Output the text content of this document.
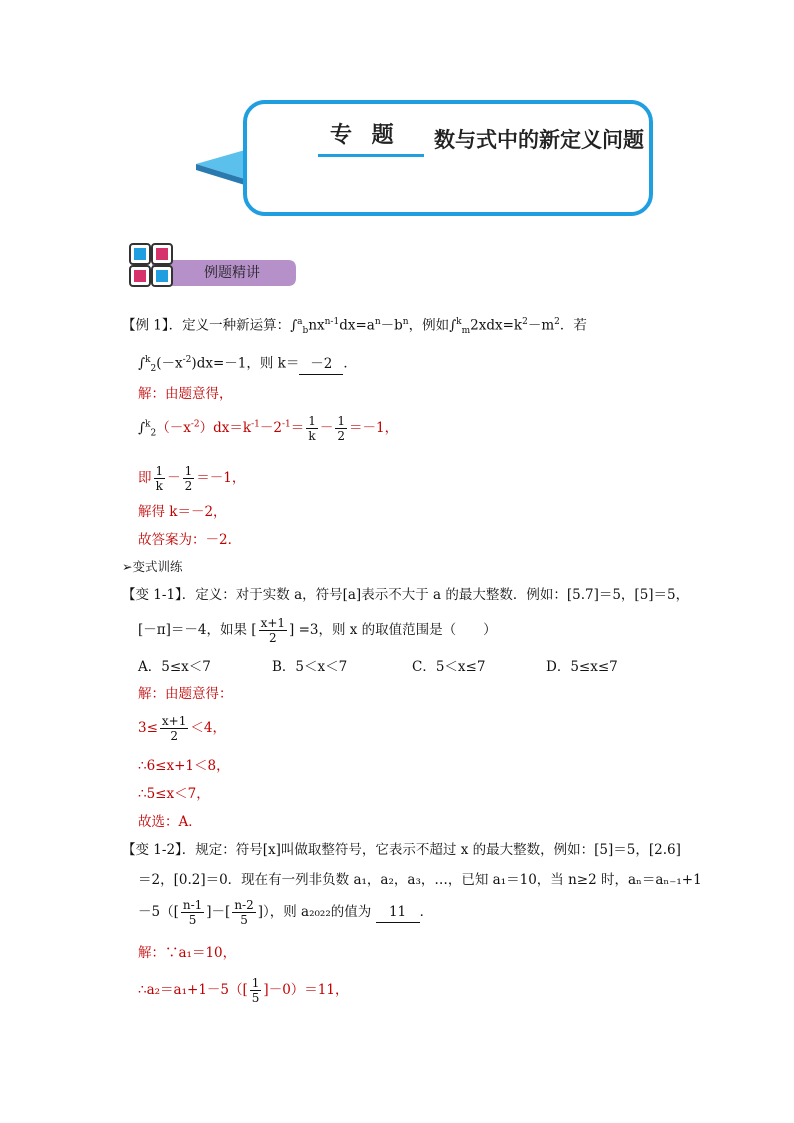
专 题 数与式中的新定义问题
例题精讲
【例 1】．定义一种新运算：$\int^a_bnx^{n-1}dx=a^n-b^n$，例如$\int^k_m2xdx=k^2-m^2$．若
$\int^k_2(-x^{-2})dx=-1$，则 k＝ －2 ．
解：由题意得，
$\int^k_2(-x^{-2})dx=k^{-1}-2^{-1}= \frac{1}{k} - \frac{1}{2} =-1$，
即 $\frac{1}{k} - \frac{1}{2} =-1$，
解得 k＝－2，
故答案为：－2．
➢变式训练
【变 1-1】．定义：对于实数 a，符号[a]表示不大于 a 的最大整数．例如：[5.7]＝5，[5]＝5，
[－π]＝－4，如果 [ $\frac{x+1}{2}$ ] =3，则 x 的取值范围是（　　）
A．5≤x＜7	B．5＜x＜7	C．5＜x≤7	D．5≤x≤7
解：由题意得：
$3\le \frac{x+1}{2} <4$，
∴6≤x+1＜8，
∴5≤x＜7，
故选：A．
【变 1-2】．规定：符号[x]叫做取整符号，它表示不超过 x 的最大整数，例如：[5]＝5，[2.6]
＝2，[0.2]＝0．现在有一列非负数 a₁，a₂，a₃，…，已知 a₁＝10，当 n≥2 时，aₙ＝aₙ₋₁+1
$-5([ \frac{n-1}{5}$ ]－[ $\frac{n-2}{5}$ ]），则 a₂₀₂₂的值为 11 ．
解：∵a₁＝10，
∴a₂＝a₁+1－5（[ $\frac{1}{5} ]-0)=11$，
